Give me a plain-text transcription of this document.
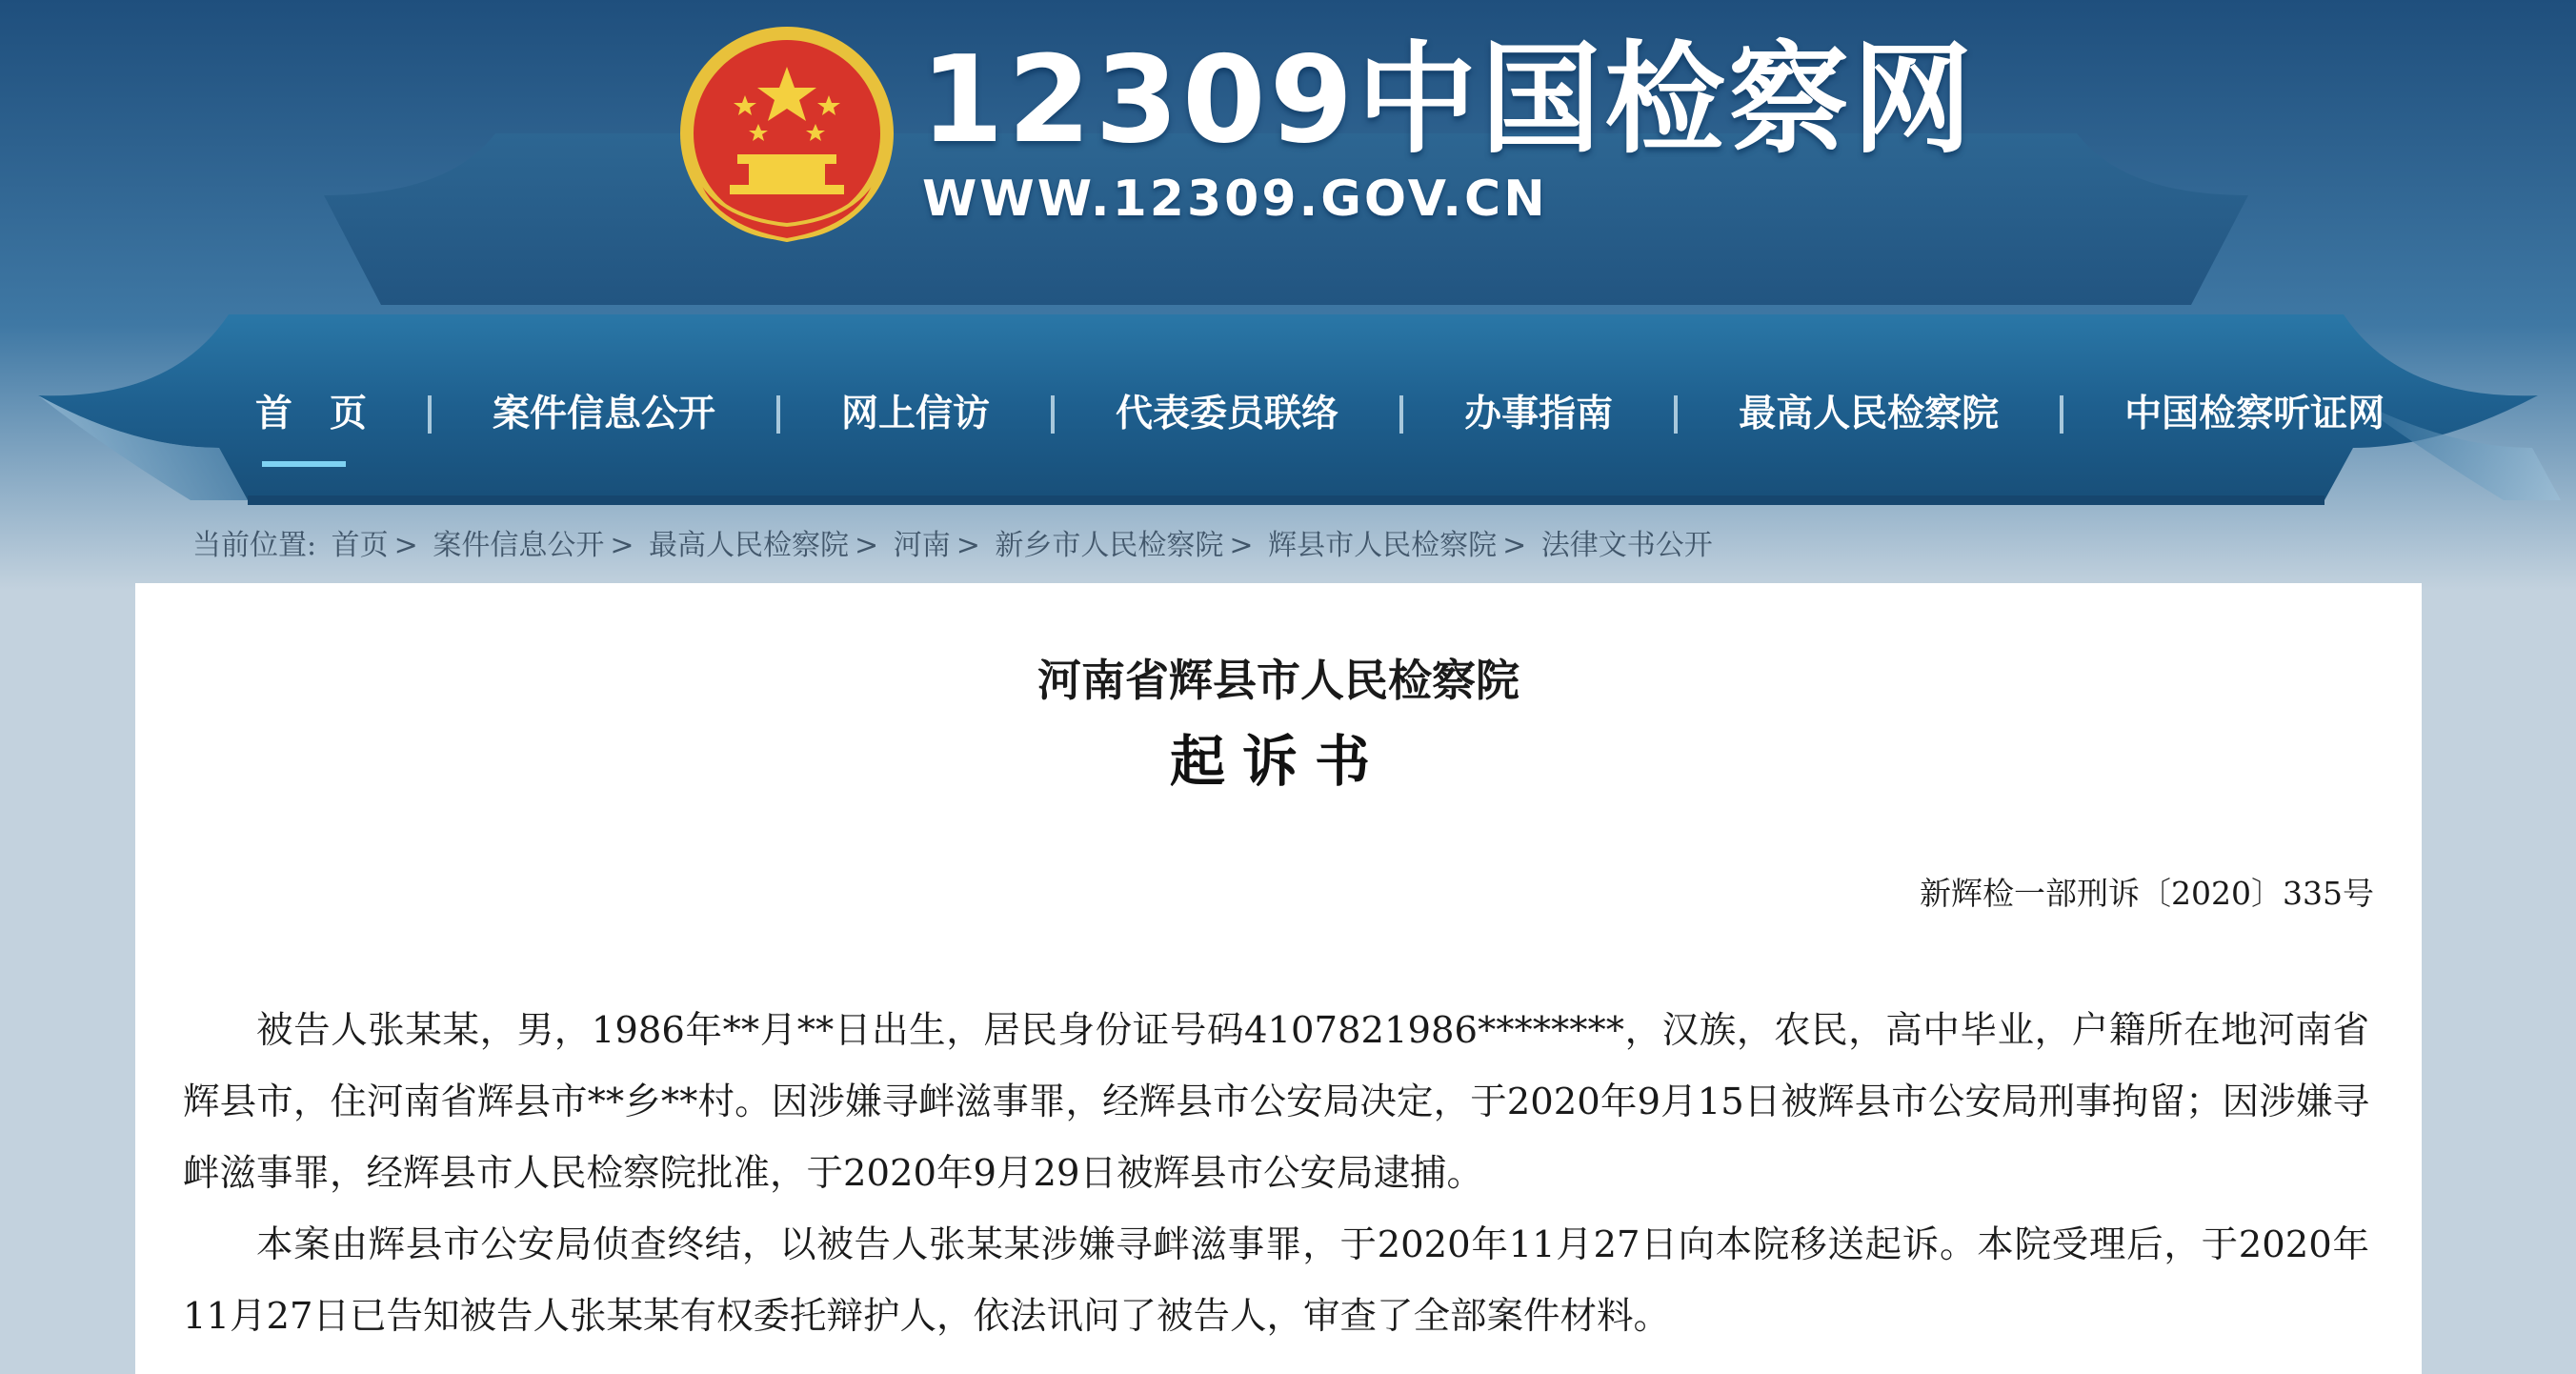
12309中国检察网
WWW.12309.GOV.CN
首　页	案件信息公开	网上信访	代表委员联络	办事指南	最高人民检察院	中国检察听证网
当前位置: 首页 > 案件信息公开 > 最高人民检察院 > 河南 > 新乡市人民检察院 > 辉县市人民检察院 > 法律文书公开
河南省辉县市人民检察院
起诉书
新辉检一部刑诉〔2020〕335号

被告人张某某，男，1986年**月**日出生，居民身份证号码4107821986********，汉族，农民，高中毕业，户籍所在地河南省辉县市，住河南省辉县市**乡**村。因涉嫌寻衅滋事罪，经辉县市公安局决定，于2020年9月15日被辉县市公安局刑事拘留；因涉嫌寻衅滋事罪，经辉县市人民检察院批准，于2020年9月29日被辉县市公安局逮捕。

本案由辉县市公安局侦查终结，以被告人张某某涉嫌寻衅滋事罪，于2020年11月27日向本院移送起诉。本院受理后，于2020年11月27日已告知被告人张某某有权委托辩护人，依法讯问了被告人，审查了全部案件材料。
